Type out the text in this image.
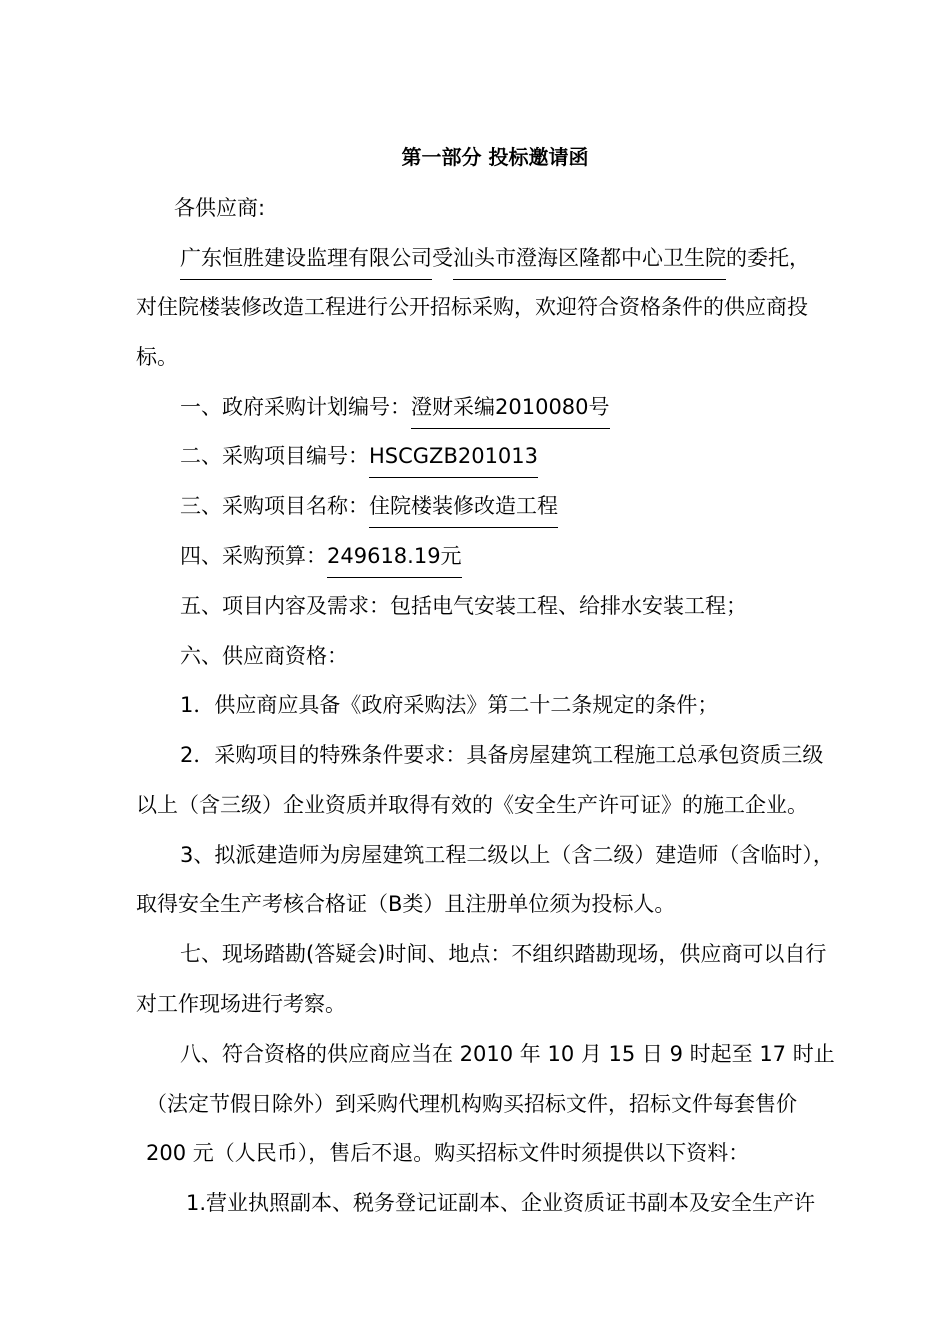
第一部分 投标邀请函
各供应商:
广东恒胜建设监理有限公司受汕头市澄海区隆都中心卫生院的委托，
对住院楼装修改造工程进行公开招标采购，欢迎符合资格条件的供应商投
标。
一、政府采购计划编号：澄财采编2010080号
二、采购项目编号：HSCGZB201013
三、采购项目名称：住院楼装修改造工程
四、采购预算：249618.19元
五、项目内容及需求：包括电气安装工程、给排水安装工程；
六、供应商资格：
1．供应商应具备《政府采购法》第二十二条规定的条件；
2．采购项目的特殊条件要求：具备房屋建筑工程施工总承包资质三级
以上（含三级）企业资质并取得有效的《安全生产许可证》的施工企业。
3、拟派建造师为房屋建筑工程二级以上（含二级）建造师（含临时），
取得安全生产考核合格证（B类）且注册单位须为投标人。
七、现场踏勘(答疑会)时间、地点：不组织踏勘现场，供应商可以自行
对工作现场进行考察。
八、符合资格的供应商应当在 2010 年 10 月 15 日 9 时起至 17 时止
（法定节假日除外）到采购代理机构购买招标文件，招标文件每套售价
200 元（人民币），售后不退。购买招标文件时须提供以下资料：
1.营业执照副本、税务登记证副本、企业资质证书副本及安全生产许
